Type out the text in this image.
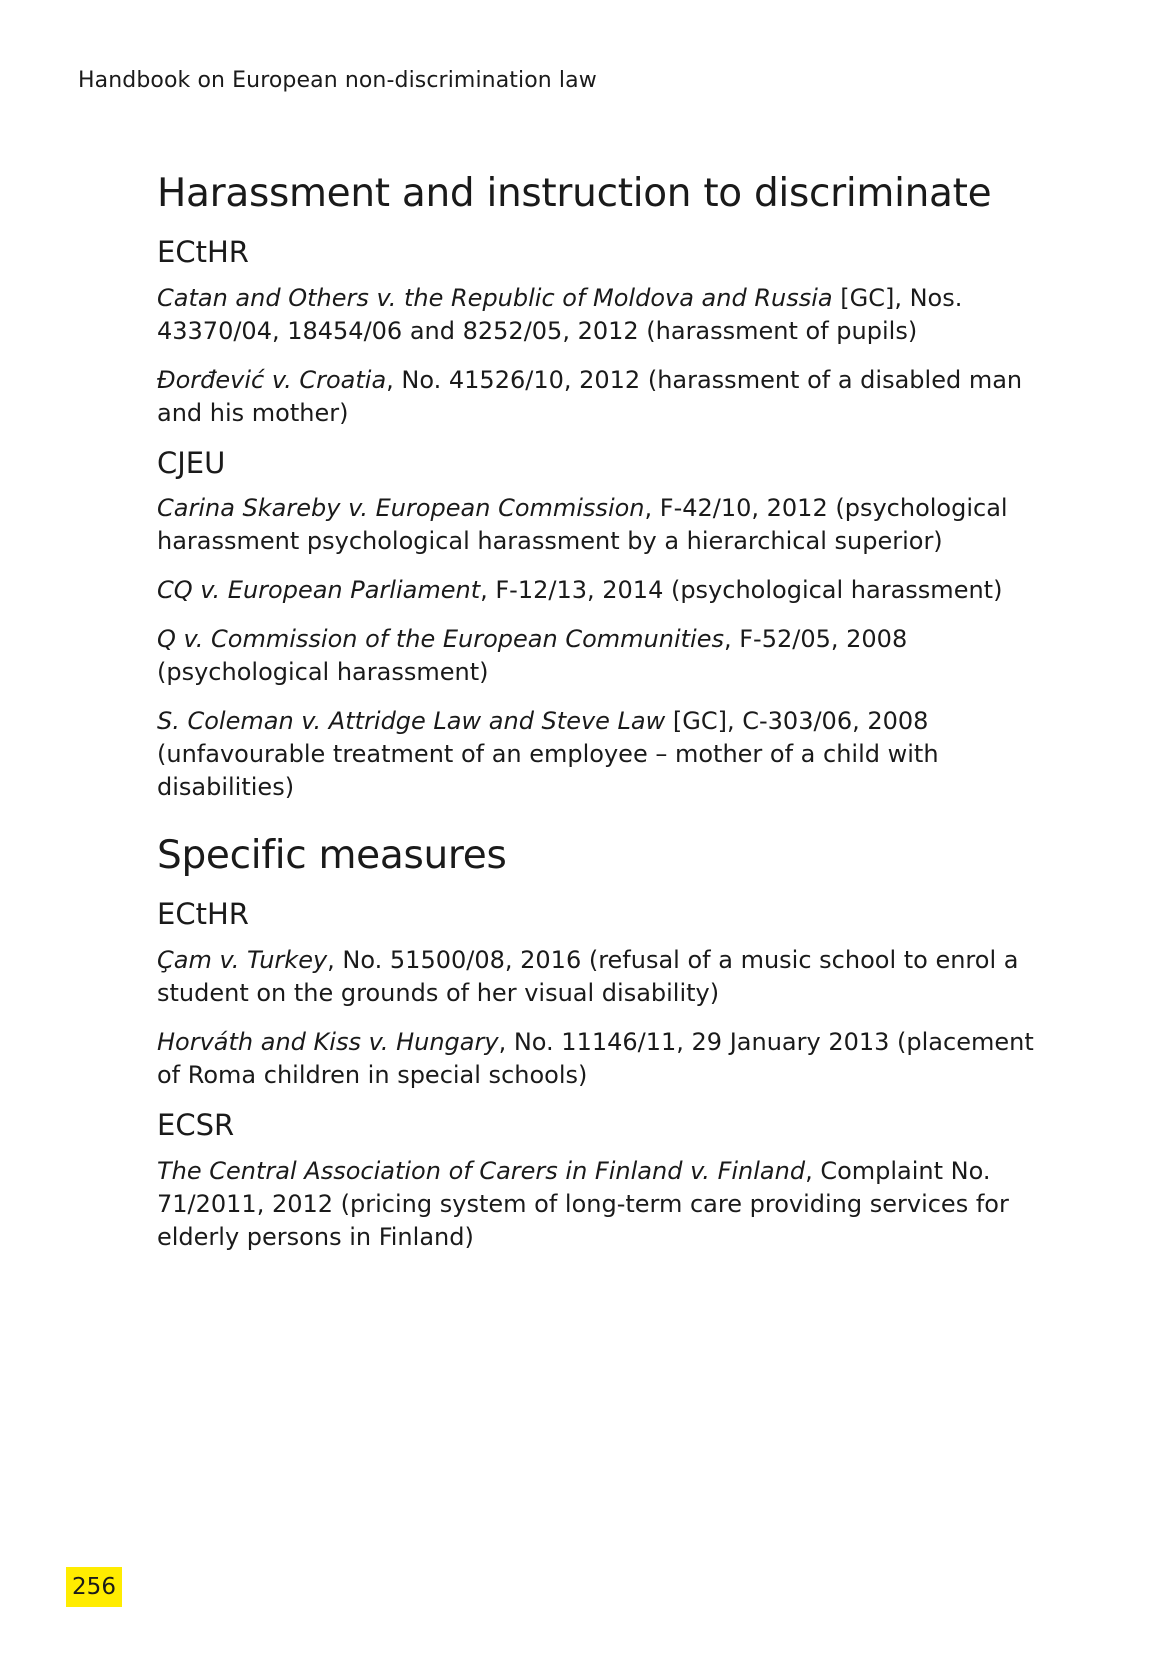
Handbook on European non-discrimination law
Harassment and instruction to discriminate
ECtHR

Catan and Others v. the Republic of Moldova and Russia [GC], Nos. 43370/04, 18454/06 and 8252/05, 2012 (harassment of pupils)

Đorđević v. Croatia, No. 41526/10, 2012 (harassment of a disabled man and his mother)

CJEU

Carina Skareby v. European Commission, F-42/10, 2012 (psychological harassment psychological harassment by a hierarchical superior)

CQ v. European Parliament, F-12/13, 2014 (psychological harassment)

Q v. Commission of the European Communities, F-52/05, 2008 (psychological harassment)

S. Coleman v. Attridge Law and Steve Law [GC], C-303/06, 2008 (unfavourable treatment of an employee – mother of a child with disabilities)

Specific measures
ECtHR

Çam v. Turkey, No. 51500/08, 2016 (refusal of a music school to enrol a student on the grounds of her visual disability)

Horváth and Kiss v. Hungary, No. 11146/11, 29 January 2013 (placement of Roma children in special schools)

ECSR

The Central Association of Carers in Finland v. Finland, Complaint No. 71/2011, 2012 (pricing system of long-term care providing services for elderly persons in Finland)

256
